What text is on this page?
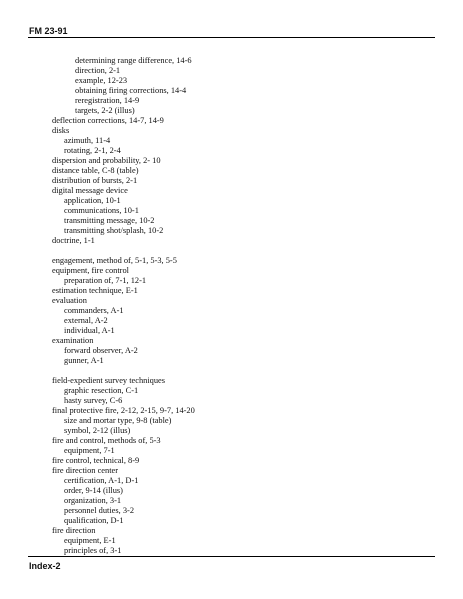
FM 23-91
determining range difference, 14-6
direction, 2-1
example, 12-23
obtaining firing corrections, 14-4
reregistration, 14-9
targets, 2-2 (illus)
deflection corrections, 14-7, 14-9
disks
azimuth, 11-4
rotating, 2-1, 2-4
dispersion and probability, 2- 10
distance table, C-8 (table)
distribution of bursts, 2-1
digital message device
application, 10-1
communications, 10-1
transmitting message, 10-2
transmitting shot/splash, 10-2
doctrine, 1-1
engagement, method of, 5-1, 5-3, 5-5
equipment, fire control
preparation of, 7-1, 12-1
estimation technique, E-1
evaluation
commanders, A-1
external, A-2
individual, A-1
examination
forward observer, A-2
gunner, A-1
field-expedient survey techniques
graphic resection, C-1
hasty survey, C-6
final protective fire, 2-12, 2-15, 9-7, 14-20
size and mortar type, 9-8 (table)
symbol, 2-12 (illus)
fire and control, methods of, 5-3
equipment, 7-1
fire control, technical, 8-9
fire direction center
certification, A-1, D-1
order, 9-14 (illus)
organization, 3-1
personnel duties, 3-2
qualification, D-1
fire direction
equipment, E-1
principles of, 3-1
Index-2
